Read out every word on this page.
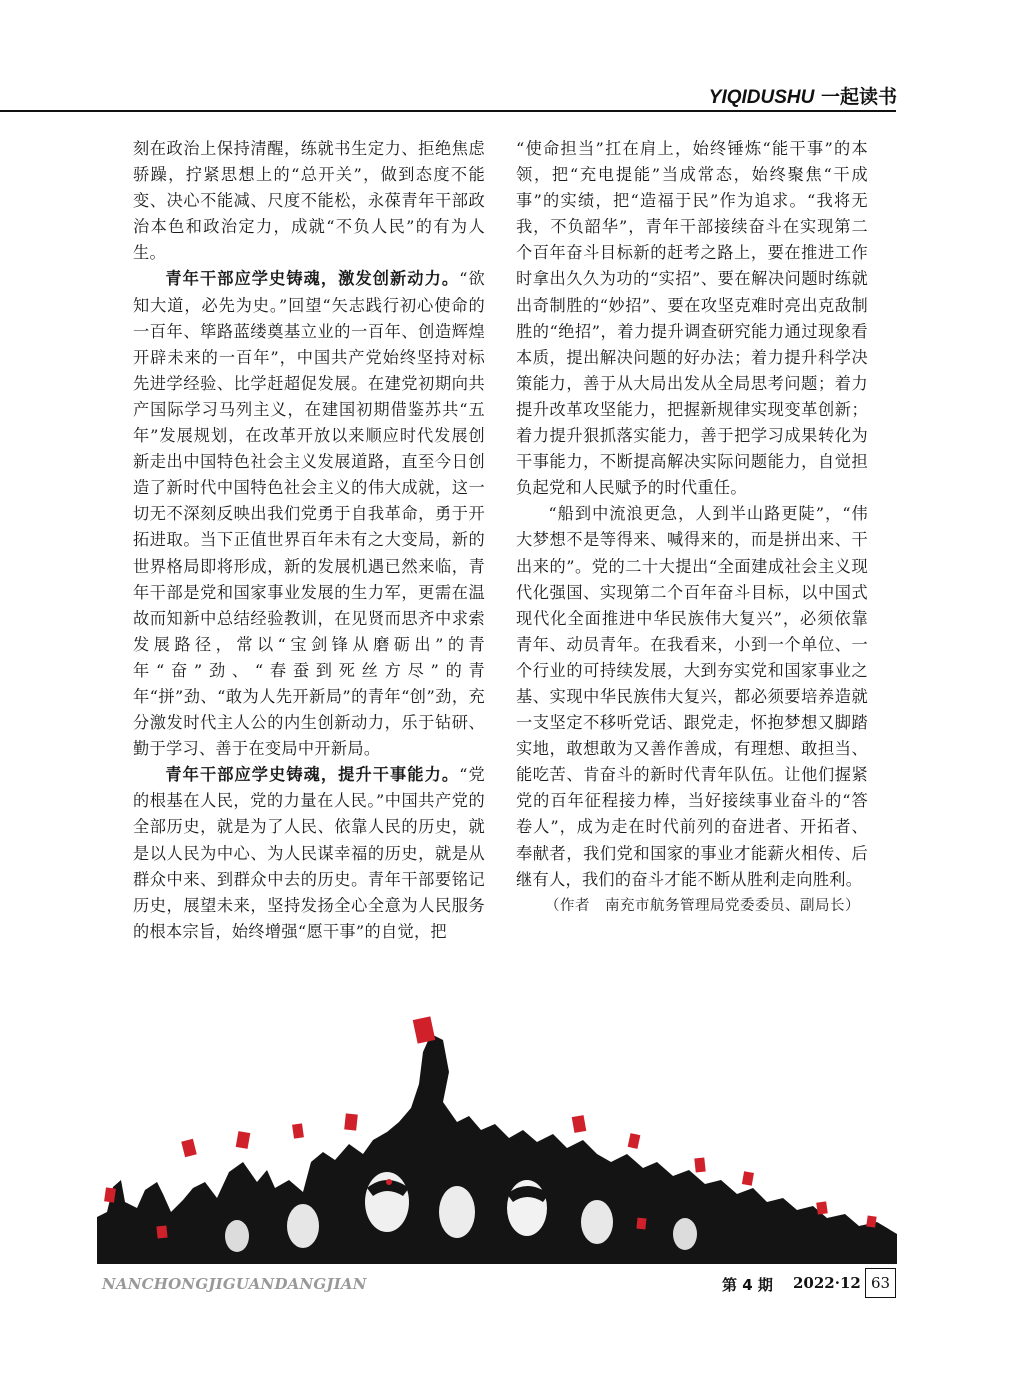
YIQIDUSHU 一起读书

刻在政治上保持清醒，练就书生定力、拒绝焦虑骄躁，拧紧思想上的“总开关”，做到态度不能变、决心不能减、尺度不能松，永葆青年干部政治本色和政治定力，成就“不负人民”的有为人生。

青年干部应学史铸魂，激发创新动力。“欲知大道，必先为史。”回望“矢志践行初心使命的一百年、筚路蓝缕奠基立业的一百年、创造辉煌开辟未来的一百年”，中国共产党始终坚持对标先进学经验、比学赶超促发展。在建党初期向共产国际学习马列主义，在建国初期借鉴苏共“五年”发展规划，在改革开放以来顺应时代发展创新走出中国特色社会主义发展道路，直至今日创造了新时代中国特色社会主义的伟大成就，这一切无不深刻反映出我们党勇于自我革命，勇于开拓进取。当下正值世界百年未有之大变局，新的世界格局即将形成，新的发展机遇已然来临，青年干部是党和国家事业发展的生力军，更需在温故而知新中总结经验教训，在见贤而思齐中求索发展路径，常以“宝剑锋从磨砺出”的青年“奋”劲、“春蚕到死丝方尽”的青年“拼”劲、“敢为人先开新局”的青年“创”劲，充分激发时代主人公的内生创新动力，乐于钻研、勤于学习、善于在变局中开新局。

青年干部应学史铸魂，提升干事能力。“党的根基在人民，党的力量在人民。”中国共产党的全部历史，就是为了人民、依靠人民的历史，就是以人民为中心、为人民谋幸福的历史，就是从群众中来、到群众中去的历史。青年干部要铭记历史，展望未来，坚持发扬全心全意为人民服务的根本宗旨，始终增强“愿干事”的自觉，把

“使命担当”扛在肩上，始终锤炼“能干事”的本领，把“充电提能”当成常态，始终聚焦“干成事”的实绩，把“造福于民”作为追求。“我将无我，不负韶华”，青年干部接续奋斗在实现第二个百年奋斗目标新的赶考之路上，要在推进工作时拿出久久为功的“实招”、要在解决问题时练就出奇制胜的“妙招”、要在攻坚克难时亮出克敌制胜的“绝招”，着力提升调查研究能力通过现象看本质，提出解决问题的好办法；着力提升科学决策能力，善于从大局出发从全局思考问题；着力提升改革攻坚能力，把握新规律实现变革创新；着力提升狠抓落实能力，善于把学习成果转化为干事能力，不断提高解决实际问题能力，自觉担负起党和人民赋予的时代重任。

“船到中流浪更急，人到半山路更陡”，“伟大梦想不是等得来、喊得来的，而是拼出来、干出来的”。党的二十大提出“全面建成社会主义现代化强国、实现第二个百年奋斗目标，以中国式现代化全面推进中华民族伟大复兴”，必须依靠青年、动员青年。在我看来，小到一个单位、一个行业的可持续发展，大到夯实党和国家事业之基、实现中华民族伟大复兴，都必须要培养造就一支坚定不移听党话、跟党走，怀抱梦想又脚踏实地，敢想敢为又善作善成，有理想、敢担当、能吃苦、肯奋斗的新时代青年队伍。让他们握紧党的百年征程接力棒，当好接续事业奋斗的“答卷人”，成为走在时代前列的奋进者、开拓者、奉献者，我们党和国家的事业才能薪火相传、后继有人，我们的奋斗才能不断从胜利走向胜利。

（作者　南充市航务管理局党委委员、副局长）

NANCHONGJIGUANDANGJIAN	第 4 期 2022·12 63
